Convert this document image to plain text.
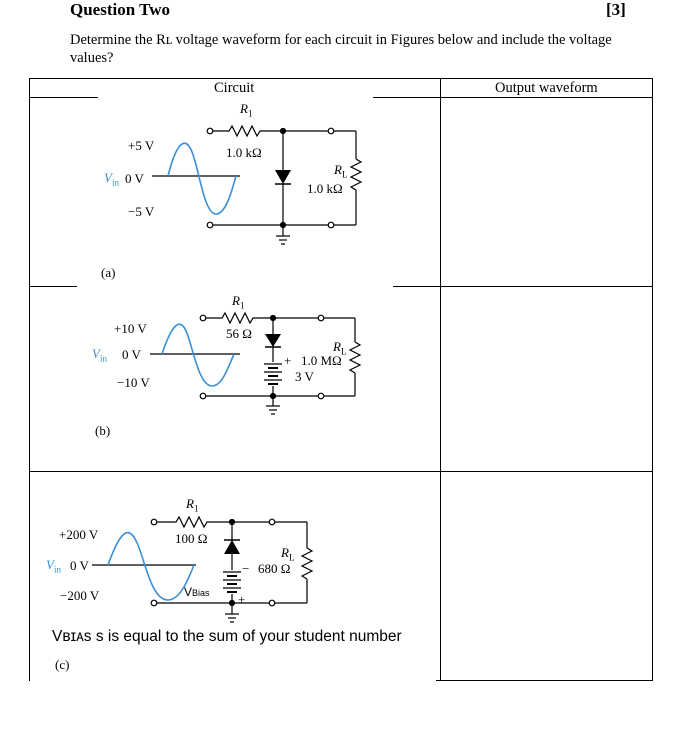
Question Two	[3]
Determine the Rʟ voltage waveform for each circuit in Figures below and include the voltage values?
Circuit	Output waveform
+5 V
$V_{in}$ 0 V
−5 V
$R_1$
1.0 kΩ
$R_L$
1.0 kΩ
(a)
+10 V
$V_{in}$ 0 V
−10 V
$R_1$
56 Ω
$R_L$
+ 1.0 MΩ
3 V
(b)
+200 V
$V_{in}$ 0 V
−200 V
$R_1$
100 Ω
$R_L$
− 680 Ω
VBias +
Vʙɪᴀs s is equal to the sum of your student number
(c)
